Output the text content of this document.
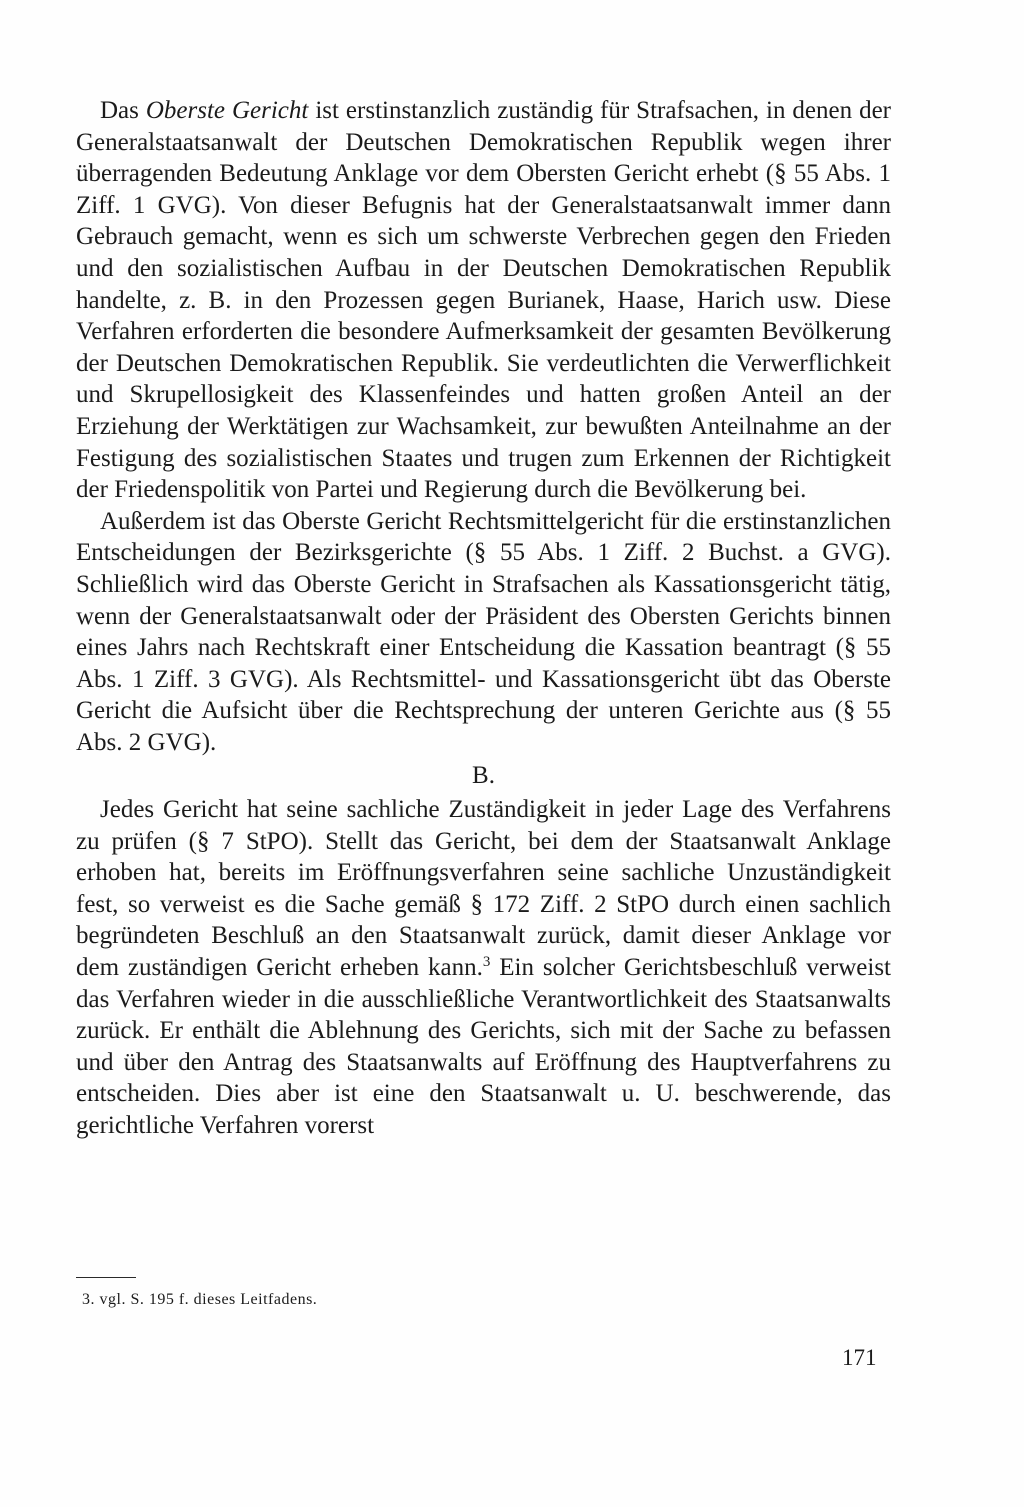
Das Oberste Gericht ist erstinstanzlich zuständig für Strafsachen, in denen der Generalstaatsanwalt der Deutschen Demokratischen Republik wegen ihrer überragenden Bedeutung Anklage vor dem Obersten Gericht erhebt (§ 55 Abs. 1 Ziff. 1 GVG). Von dieser Befugnis hat der Generalstaatsanwalt immer dann Gebrauch gemacht, wenn es sich um schwerste Verbrechen gegen den Frieden und den sozialistischen Aufbau in der Deutschen Demokratischen Republik handelte, z. B. in den Prozessen gegen Burianek, Haase, Harich usw. Diese Verfahren erforderten die besondere Aufmerksamkeit der gesamten Bevölkerung der Deutschen Demokratischen Republik. Sie verdeutlichten die Verwerflichkeit und Skrupellosigkeit des Klassenfeindes und hatten großen Anteil an der Erziehung der Werktätigen zur Wachsamkeit, zur bewußten Anteilnahme an der Festigung des sozialistischen Staates und trugen zum Erkennen der Richtigkeit der Friedenspolitik von Partei und Regierung durch die Bevölkerung bei.

Außerdem ist das Oberste Gericht Rechtsmittelgericht für die erstinstanzlichen Entscheidungen der Bezirksgerichte (§ 55 Abs. 1 Ziff. 2 Buchst. a GVG). Schließlich wird das Oberste Gericht in Strafsachen als Kassationsgericht tätig, wenn der Generalstaatsanwalt oder der Präsident des Obersten Gerichts binnen eines Jahrs nach Rechtskraft einer Entscheidung die Kassation beantragt (§ 55 Abs. 1 Ziff. 3 GVG). Als Rechtsmittel- und Kassationsgericht übt das Oberste Gericht die Aufsicht über die Rechtsprechung der unteren Gerichte aus (§ 55 Abs. 2 GVG).

B.

Jedes Gericht hat seine sachliche Zuständigkeit in jeder Lage des Verfahrens zu prüfen (§ 7 StPO). Stellt das Gericht, bei dem der Staatsanwalt Anklage erhoben hat, bereits im Eröffnungsverfahren seine sachliche Unzuständigkeit fest, so verweist es die Sache gemäß § 172 Ziff. 2 StPO durch einen sachlich begründeten Beschluß an den Staatsanwalt zurück, damit dieser Anklage vor dem zuständigen Gericht erheben kann.$^3$ Ein solcher Gerichtsbeschluß verweist das Verfahren wieder in die ausschließliche Verantwortlichkeit des Staatsanwalts zurück. Er enthält die Ablehnung des Gerichts, sich mit der Sache zu befassen und über den Antrag des Staatsanwalts auf Eröffnung des Hauptverfahrens zu entscheiden. Dies aber ist eine den Staatsanwalt u. U. beschwerende, das gerichtliche Verfahren vorerst

3. vgl. S. 195 f. dieses Leitfadens.
171
